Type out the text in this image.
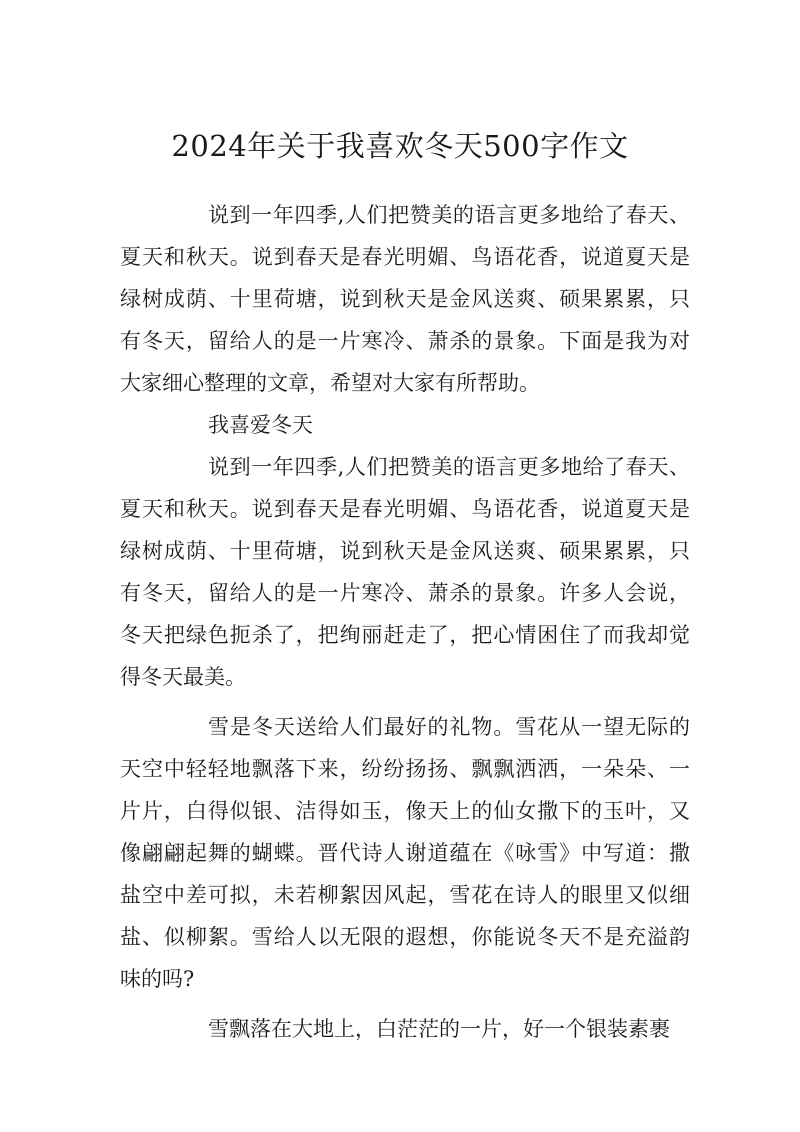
2024年关于我喜欢冬天500字作文
说到一年四季,人们把赞美的语言更多地给了春天、
夏天和秋天。说到春天是春光明媚、鸟语花香，说道夏天是
绿树成荫、十里荷塘，说到秋天是金风送爽、硕果累累，只
有冬天，留给人的是一片寒冷、萧杀的景象。下面是我为对
大家细心整理的文章，希望对大家有所帮助。
我喜爱冬天
说到一年四季,人们把赞美的语言更多地给了春天、
夏天和秋天。说到春天是春光明媚、鸟语花香，说道夏天是
绿树成荫、十里荷塘，说到秋天是金风送爽、硕果累累，只
有冬天，留给人的是一片寒冷、萧杀的景象。许多人会说，
冬天把绿色扼杀了，把绚丽赶走了，把心情困住了而我却觉
得冬天最美。
雪是冬天送给人们最好的礼物。雪花从一望无际的
天空中轻轻地飘落下来，纷纷扬扬、飘飘洒洒，一朵朵、一
片片，白得似银、洁得如玉，像天上的仙女撒下的玉叶，又
像翩翩起舞的蝴蝶。晋代诗人谢道蕴在《咏雪》中写道：撒
盐空中差可拟，未若柳絮因风起，雪花在诗人的眼里又似细
盐、似柳絮。雪给人以无限的遐想，你能说冬天不是充溢韵
味的吗?
雪飘落在大地上，白茫茫的一片，好一个银装素裹
